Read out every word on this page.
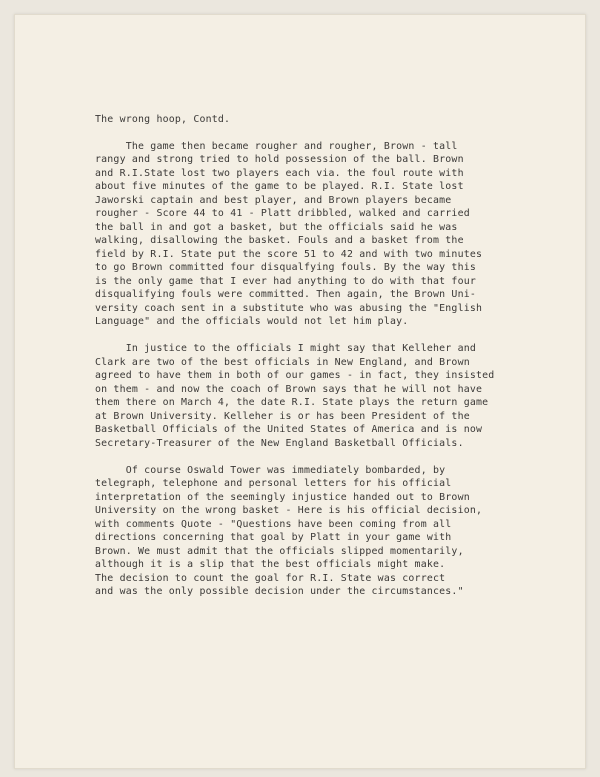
The wrong hoop, Contd.
The game then became rougher and rougher, Brown - tall
rangy and strong tried to hold possession of the ball. Brown
and R.I.State lost two players each via. the foul route with
about five minutes of the game to be played. R.I. State lost
Jaworski captain and best player, and Brown players became
rougher - Score 44 to 41 - Platt dribbled, walked and carried
the ball in and got a basket, but the officials said he was
walking, disallowing the basket. Fouls and a basket from the
field by R.I. State put the score 51 to 42 and with two minutes
to go Brown committed four disqualfying fouls. By the way this
is the only game that I ever had anything to do with that four
disqualifying fouls were committed. Then again, the Brown Uni-
versity coach sent in a substitute who was abusing the "English
Language" and the officials would not let him play.
In justice to the officials I might say that Kelleher and
Clark are two of the best officials in New England, and Brown
agreed to have them in both of our games - in fact, they insisted
on them - and now the coach of Brown says that he will not have
them there on March 4, the date R.I. State plays the return game
at Brown University. Kelleher is or has been President of the
Basketball Officials of the United States of America and is now
Secretary-Treasurer of the New England Basketball Officials.
Of course Oswald Tower was immediately bombarded, by
telegraph, telephone and personal letters for his official
interpretation of the seemingly injustice handed out to Brown
University on the wrong basket - Here is his official decision,
with comments Quote - "Questions have been coming from all
directions concerning that goal by Platt in your game with
Brown. We must admit that the officials slipped momentarily,
although it is a slip that the best officials might make.
The decision to count the goal for R.I. State was correct
and was the only possible decision under the circumstances."
